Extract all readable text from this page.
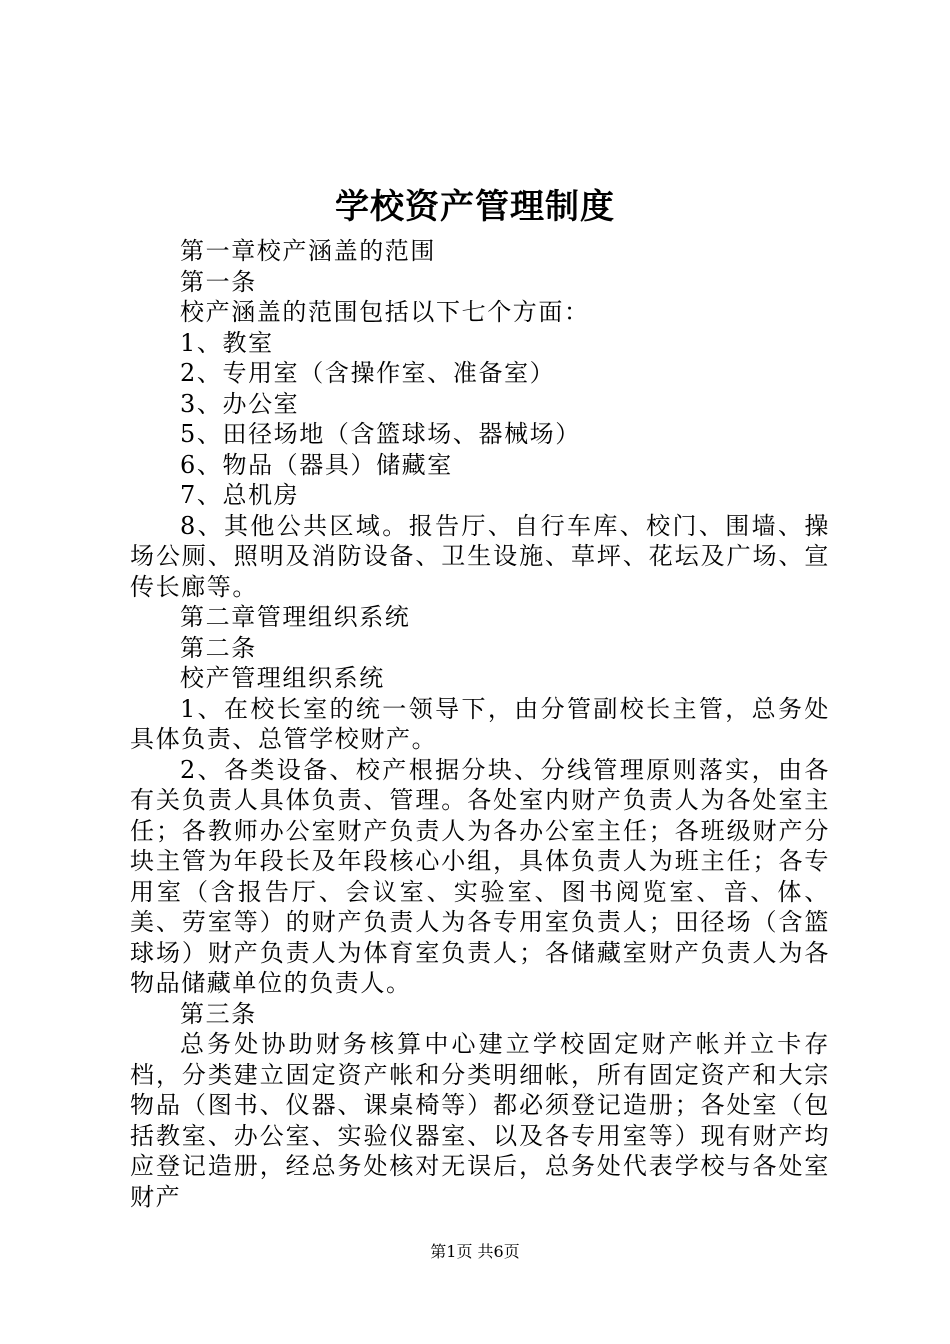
学校资产管理制度

第一章校产涵盖的范围

第一条

校产涵盖的范围包括以下七个方面：

1、教室

2、专用室（含操作室、准备室）

3、办公室

5、田径场地（含篮球场、器械场）

6、物品（器具）储藏室

7、总机房

8、其他公共区域。报告厅、自行车库、校门、围墙、操场公厕、照明及消防设备、卫生设施、草坪、花坛及广场、宣传长廊等。

第二章管理组织系统

第二条

校产管理组织系统

1、在校长室的统一领导下，由分管副校长主管，总务处具体负责、总管学校财产。

2、各类设备、校产根据分块、分线管理原则落实，由各有关负责人具体负责、管理。各处室内财产负责人为各处室主任；各教师办公室财产负责人为各办公室主任；各班级财产分块主管为年段长及年段核心小组，具体负责人为班主任；各专用室（含报告厅、会议室、实验室、图书阅览室、音、体、美、劳室等）的财产负责人为各专用室负责人；田径场（含篮球场）财产负责人为体育室负责人；各储藏室财产负责人为各物品储藏单位的负责人。

第三条

总务处协助财务核算中心建立学校固定财产帐并立卡存档，分类建立固定资产帐和分类明细帐，所有固定资产和大宗物品（图书、仪器、课桌椅等）都必须登记造册；各处室（包括教室、办公室、实验仪器室、以及各专用室等）现有财产均应登记造册，经总务处核对无误后，总务处代表学校与各处室财产

第1页 共6页
